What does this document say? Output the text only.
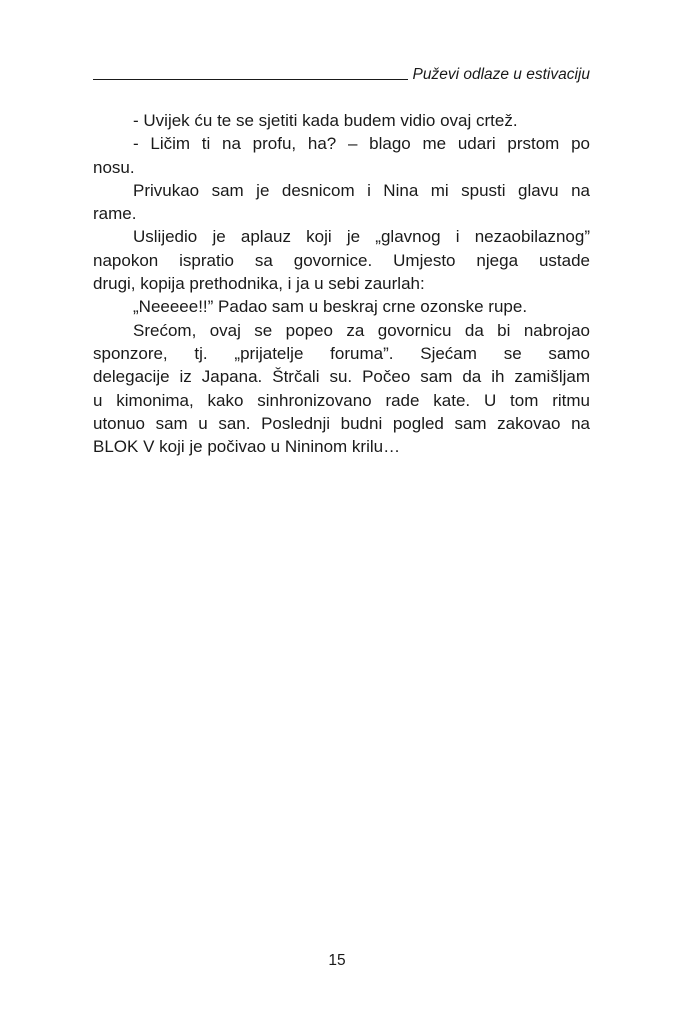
Puževi odlaze u estivaciju
- Uvijek ću te se sjetiti kada budem vidio ovaj crtež.
- Ličim ti na profu, ha? – blago me udari prstom po
nosu.
Privukao sam je desnicom i Nina mi spusti glavu na
rame.
Uslijedio je aplauz koji je „glavnog i nezaobilaznog”
napokon ispratio sa govornice. Umjesto njega ustade
drugi, kopija prethodnika, i ja u sebi zaurlah:
„Neeeee!!” Padao sam u beskraj crne ozonske rupe.
Srećom, ovaj se popeo za govornicu da bi nabrojao
sponzore, tj. „prijatelje foruma”. Sjećam se samo
delegacije iz Japana. Štrčali su. Počeo sam da ih zamišljam
u kimonima, kako sinhronizovano rade kate. U tom ritmu
utonuo sam u san. Poslednji budni pogled sam zakovao na
BLOK V koji je počivao u Nininom krilu…
15
